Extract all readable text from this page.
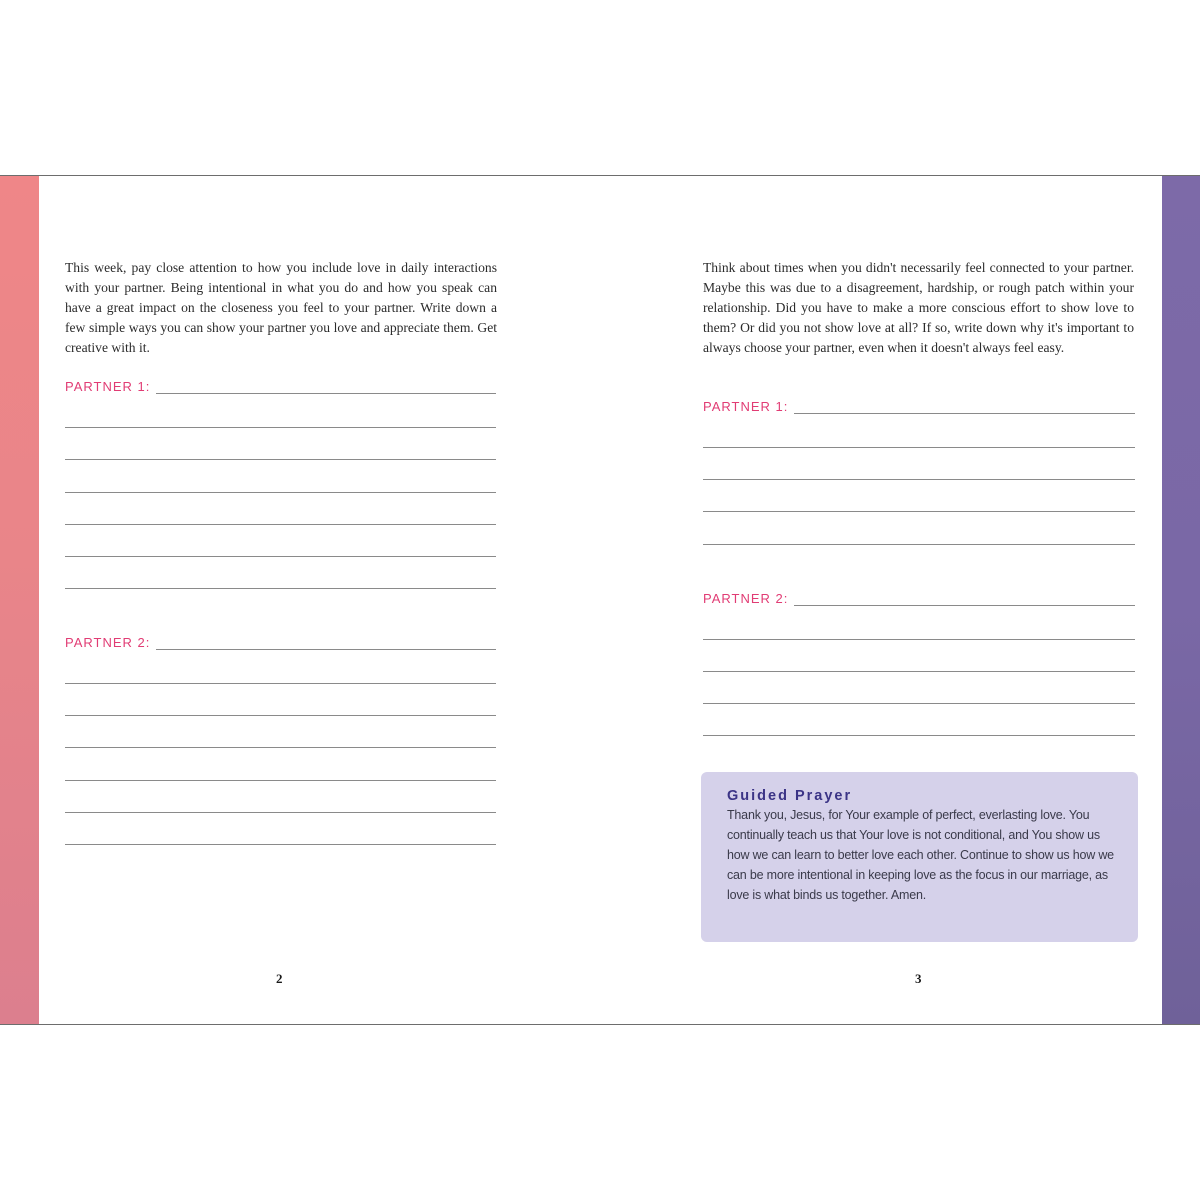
This week, pay close attention to how you include love in daily interactions with your partner. Being intentional in what you do and how you speak can have a great impact on the closeness you feel to your partner. Write down a few simple ways you can show your partner you love and appreciate them. Get creative with it.

PARTNER 1:
PARTNER 2:
2

Think about times when you didn't necessarily feel connected to your partner. Maybe this was due to a disagreement, hardship, or rough patch within your relationship. Did you have to make a more conscious effort to show love to them? Or did you not show love at all? If so, write down why it's important to always choose your partner, even when it doesn't always feel easy.

PARTNER 1:
PARTNER 2:
Guided Prayer

Thank you, Jesus, for Your example of perfect, everlasting love. You continually teach us that Your love is not conditional, and You show us how we can learn to better love each other. Continue to show us how we can be more intentional in keeping love as the focus in our marriage, as love is what binds us together. Amen.

3
